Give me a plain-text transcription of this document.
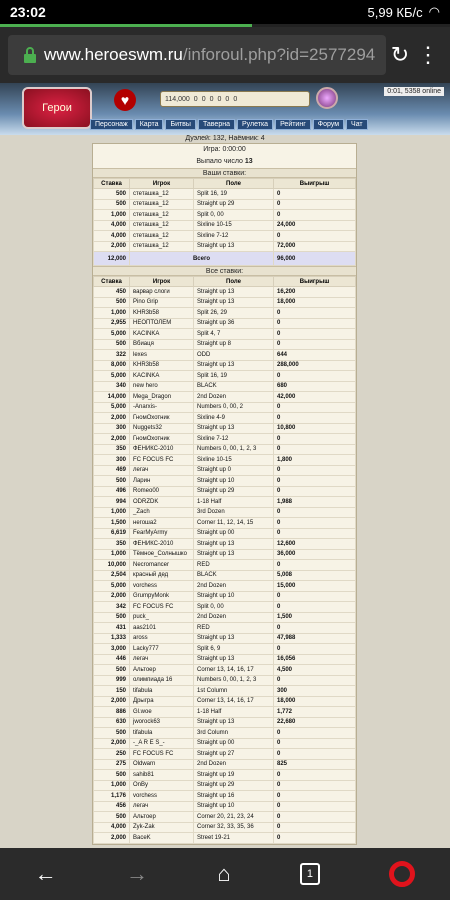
23:02	5,99 КБ/с ◠
www.heroeswm.ru/inforoul.php?id=2577294 ↻ ⋮
Герои	♥	114,000 0 0 0 0 0 0
0:01, 5358 online
Персонаж	Карта	Битвы	Таверна	Рулетка	Рейтинг	Форум	Чат
Дуэлей: 132, Наёмник: 4
Игра: 0:00:00
Выпало число 13
Ваши ставки:
Ставка	Игрок	Поле	Выигрыш
500	стеташка_12	Split 16, 19	0
500	стеташка_12	Straight up 29	0
1,000	стеташка_12	Split 0, 00	0
4,000	стеташка_12	Sixline 10-15	24,000
4,000	стеташка_12	Sixline 7-12	0
2,000	стеташка_12	Straight up 13	72,000
12,000	Всего		96,000
Все ставки:
Ставка	Игрок	Поле	Выигрыш
450	варвар слоги	Straight up 13	16,200
500	Pino Grip	Straight up 13	18,000
1,000	KHR3b58	Split 26, 29	0
2,955	НЕОПТОЛЕМ	Straight up 36	0
5,000	KACINKA	Split 4, 7	0
500	Вбиаця	Straight up 8	0
322	lexes	ODD	644
8,000	KHR3b58	Straight up 13	288,000
5,000	KACINKA	Split 16, 19	0
340	new hero	BLACK	680
14,000	Mega_Dragon	2nd Dozen	42,000
5,000	-Anarxis-	Numbers 0, 00, 2	0
2,000	ГномОхотник	Sixline 4-9	0
300	Nuggets32	Straight up 13	10,800
2,000	ГномОхотник	Sixline 7-12	0
350	ФЕНИКС-2010	Numbers 0, 00, 1, 2, 3	0
300	FC FOCUS FC	Sixline 10-15	1,800
469	легач	Straight up 0	0
500	Ларин	Straight up 10	0
496	Romeo00	Straight up 29	0
994	ODRZDK	1-18 Half	1,988
1,000	_Zach	3rd Dozen	0
1,500	негоша2	Corner 11, 12, 14, 15	0
6,619	FearMyArmy	Straight up 00	0
350	ФЕНИКС-2010	Straight up 13	12,600
1,000	Тёмное_Солнышко	Straight up 13	36,000
10,000	Necromancer	RED	0
2,504	красный дед	BLACK	5,008
5,000	vorchess	2nd Dozen	15,000
2,000	GrumpyMonk	Straight up 10	0
342	FC FOCUS FC	Split 0, 00	0
500	puck_	2nd Dozen	1,500
431	aas2101	RED	0
1,333	aross	Straight up 13	47,988
3,000	Lacky777	Split 6, 9	0
446	легач	Straight up 13	16,056
500	Альтоер	Corner 13, 14, 16, 17	4,500
999	олимпиада 16	Numbers 0, 00, 1, 2, 3	0
150	tifabula	1st Column	300
2,000	Дрыгра	Corner 13, 14, 16, 17	18,000
886	Gl.woe	1-18 Half	1,772
630	jworock63	Straight up 13	22,680
500	tifabula	3rd Column	0
2,000	-_A R E S_-	Straight up 00	0
250	FC FOCUS FC	Straight up 27	0
275	Oldwarn	2nd Dozen	825
500	sahib81	Straight up 19	0
1,000	OnBy	Straight up 29	0
1,176	vorchess	Straight up 16	0
456	легач	Straight up 10	0
500	Альтоер	Corner 20, 21, 23, 24	0
4,000	Zyk-Zak	Corner 32, 33, 35, 36	0
2,000	BaceK	Street 19-21	0
←	→	⌂	1
